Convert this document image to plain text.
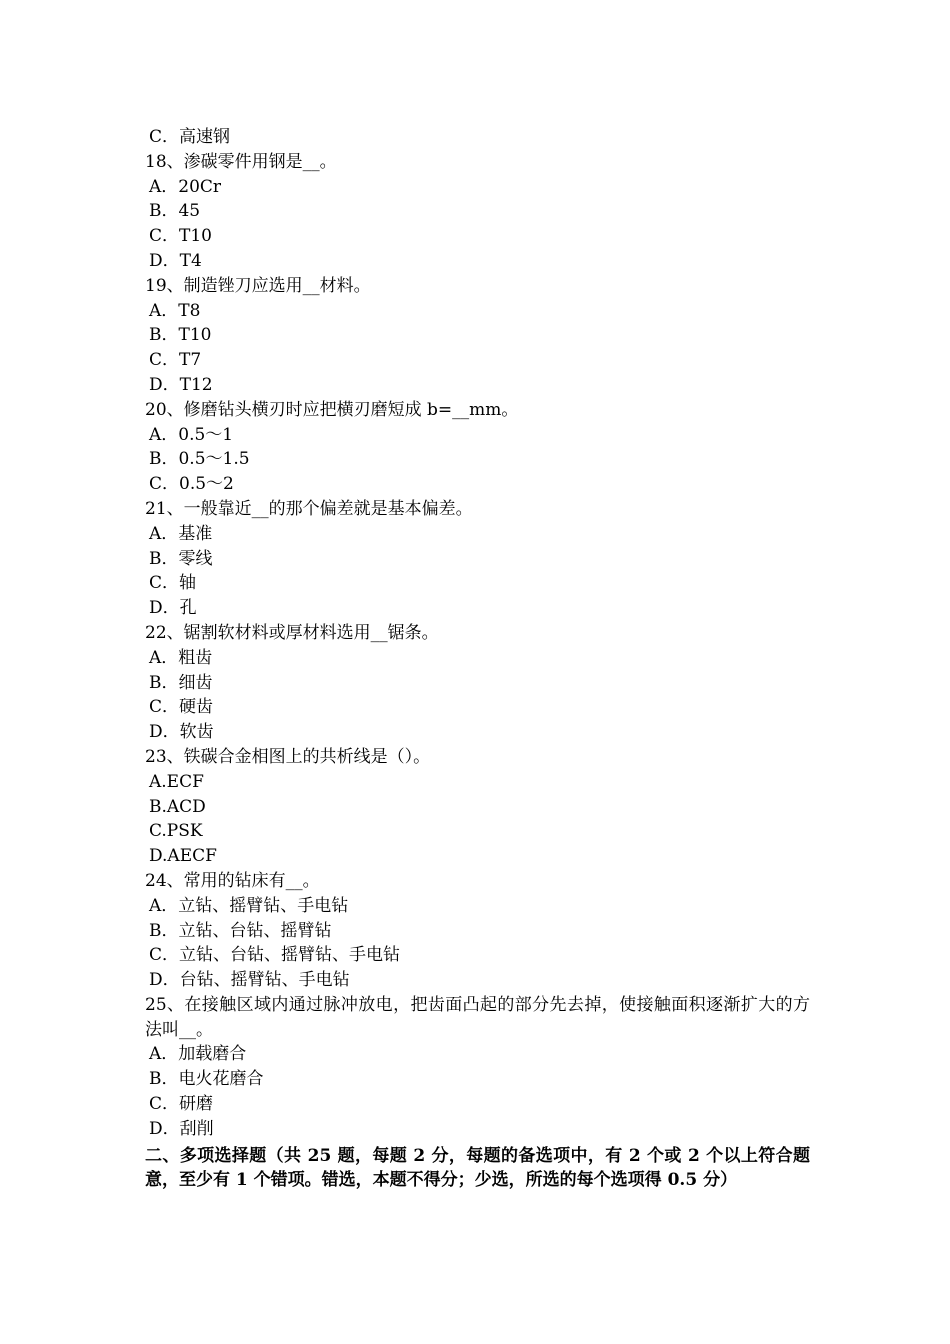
C．高速钢
18、渗碳零件用钢是__。
A．20Cr
B．45
C．T10
D．T4
19、制造锉刀应选用__材料。
A．T8
B．T10
C．T7
D．T12
20、修磨钻头横刃时应把横刃磨短成 b=__mm。
A．0.5～1
B．0.5～1.5
C．0.5～2
21、一般靠近__的那个偏差就是基本偏差。
A．基准
B．零线
C．轴
D．孔
22、锯割软材料或厚材料选用__锯条。
A．粗齿
B．细齿
C．硬齿
D．软齿
23、铁碳合金相图上的共析线是（）。
A.ECF
B.ACD
C.PSK
D.AECF
24、常用的钻床有__。
A．立钻、摇臂钻、手电钻
B．立钻、台钻、摇臂钻
C．立钻、台钻、摇臂钻、手电钻
D．台钻、摇臂钻、手电钻
25、在接触区域内通过脉冲放电，把齿面凸起的部分先去掉，使接触面积逐渐扩大的方法叫__。
A．加载磨合
B．电火花磨合
C．研磨
D．刮削
二、多项选择题（共 25 题，每题 2 分，每题的备选项中，有 2 个或 2 个以上符合题意，至少有 1 个错项。错选，本题不得分；少选，所选的每个选项得 0.5 分）
